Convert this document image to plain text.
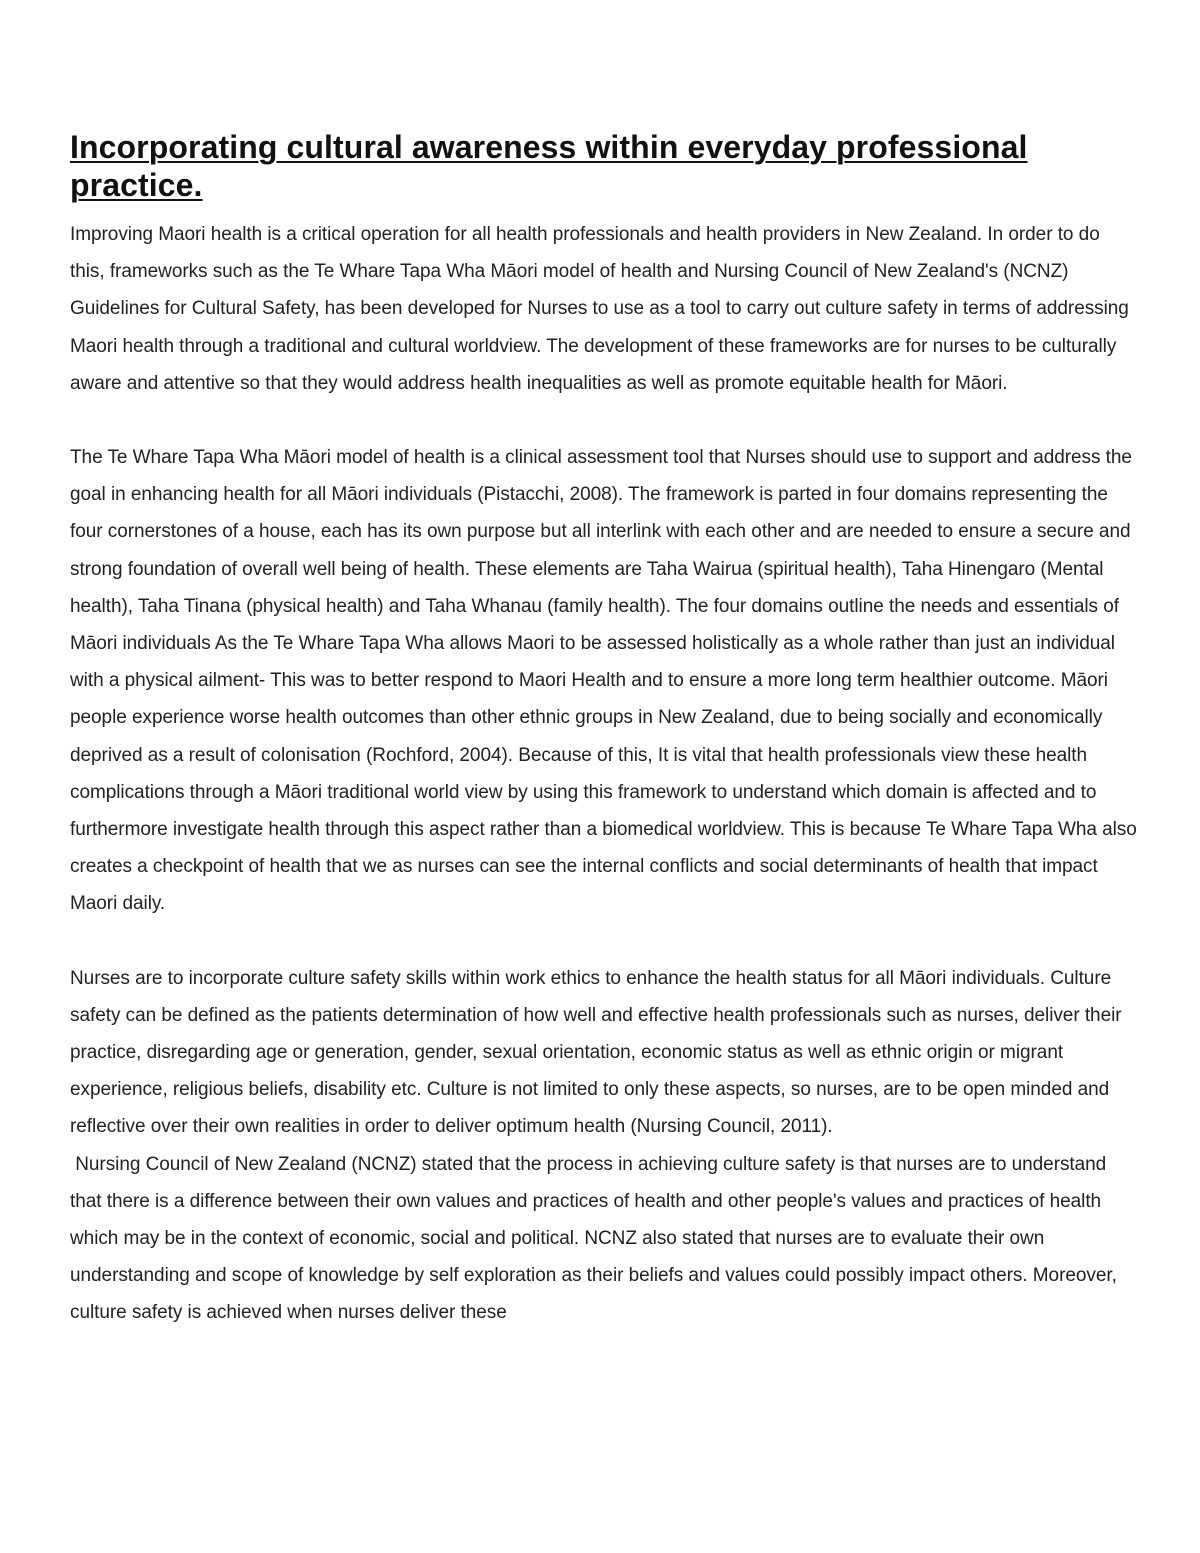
Incorporating cultural awareness within everyday professional practice.

Improving Maori health is a critical operation for all health professionals and health providers in New Zealand. In order to do this, frameworks such as the Te Whare Tapa Wha Māori model of health and Nursing Council of New Zealand's (NCNZ) Guidelines for Cultural Safety, has been developed for Nurses to use as a tool to carry out culture safety in terms of addressing Maori health through a traditional and cultural worldview. The development of these frameworks are for nurses to be culturally aware and attentive so that they would address health inequalities as well as promote equitable health for Māori.

The Te Whare Tapa Wha Māori model of health is a clinical assessment tool that Nurses should use to support and address the goal in enhancing health for all Māori individuals (Pistacchi, 2008). The framework is parted in four domains representing the four cornerstones of a house, each has its own purpose but all interlink with each other and are needed to ensure a secure and strong foundation of overall well being of health. These elements are Taha Wairua (spiritual health), Taha Hinengaro (Mental health), Taha Tinana (physical health) and Taha Whanau (family health). The four domains outline the needs and essentials of Māori individuals As the Te Whare Tapa Wha allows Maori to be assessed holistically as a whole rather than just an individual with a physical ailment- This was to better respond to Maori Health and to ensure a more long term healthier outcome. Māori people experience worse health outcomes than other ethnic groups in New Zealand, due to being socially and economically deprived as a result of colonisation (Rochford, 2004). Because of this, It is vital that health professionals view these health complications through a Māori traditional world view by using this framework to understand which domain is affected and to furthermore investigate health through this aspect rather than a biomedical worldview. This is because Te Whare Tapa Wha also creates a checkpoint of health that we as nurses can see the internal conflicts and social determinants of health that impact Maori daily.

Nurses are to incorporate culture safety skills within work ethics to enhance the health status for all Māori individuals. Culture safety can be defined as the patients determination of how well and effective health professionals such as nurses, deliver their practice, disregarding age or generation, gender, sexual orientation, economic status as well as ethnic origin or migrant experience, religious beliefs, disability etc. Culture is not limited to only these aspects, so nurses, are to be open minded and reflective over their own realities in order to deliver optimum health (Nursing Council, 2011).

Nursing Council of New Zealand (NCNZ) stated that the process in achieving culture safety is that nurses are to understand that there is a difference between their own values and practices of health and other people's values and practices of health which may be in the context of economic, social and political. NCNZ also stated that nurses are to evaluate their own understanding and scope of knowledge by self exploration as their beliefs and values could possibly impact others. Moreover, culture safety is achieved when nurses deliver these
